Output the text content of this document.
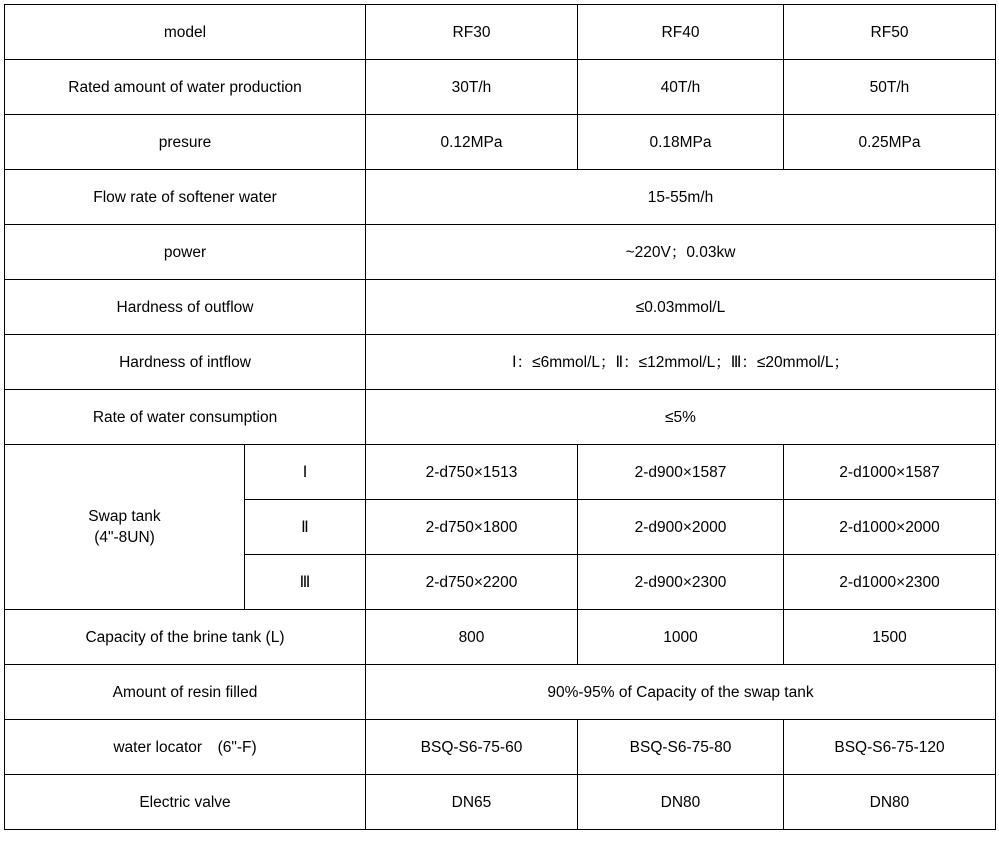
model		RF30	RF40	RF50
Rated amount of water production		30T/h	40T/h	50T/h
presure		0.12MPa	0.18MPa	0.25MPa
Flow rate of softener water		15-55m/h		
power		~220V；0.03kw		
Hardness of outflow		≤0.03mmol/L		
Hardness of intflow		Ⅰ：≤6mmol/L；Ⅱ：≤12mmol/L；Ⅲ：≤20mmol/L；		
Rate of water consumption		≤5%		
Swap tank
(4"-8UN)	Ⅰ	2-d750×1513	2-d900×1587	2-d1000×1587
	Ⅱ	2-d750×1800	2-d900×2000	2-d1000×2000
	Ⅲ	2-d750×2200	2-d900×2300	2-d1000×2300
Capacity of the brine tank (L)		800	1000	1500
Amount of resin filled		90%-95% of Capacity of the swap tank		
water locator　(6"-F)		BSQ-S6-75-60	BSQ-S6-75-80	BSQ-S6-75-120
Electric valve		DN65	DN80	DN80
